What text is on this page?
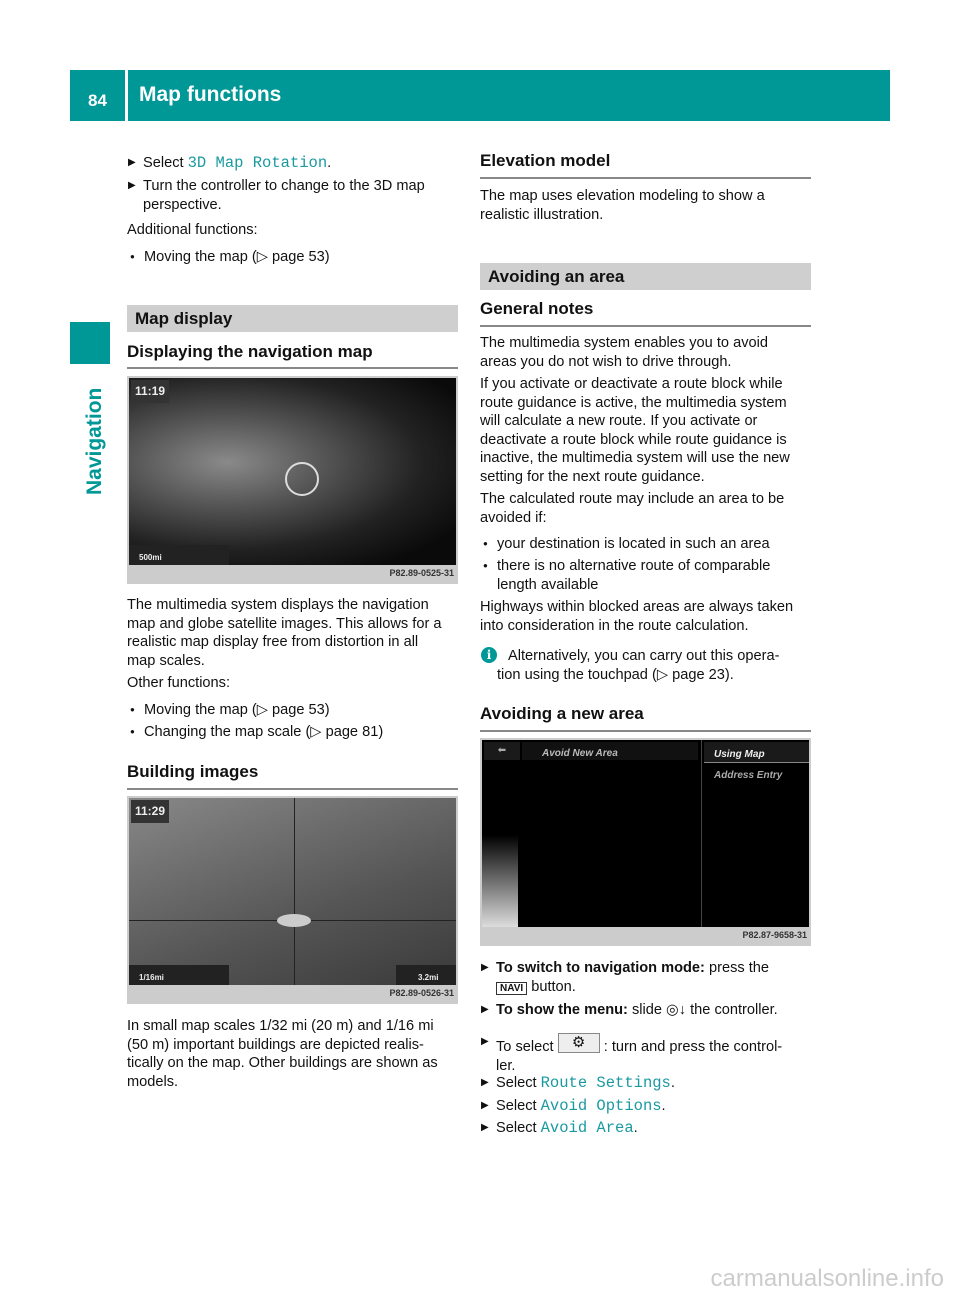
84 Map functions
Navigation
▶ Select 3D Map Rotation.
▶ Turn the controller to change to the 3D map
perspective.
Additional functions:
● Moving the map (▷ page 53)
Map display
Displaying the navigation map
11:19
500mi
P82.89-0525-31
The multimedia system displays the navigation
map and globe satellite images. This allows for a
realistic map display free from distortion in all
map scales.
Other functions:
● Moving the map (▷ page 53)
● Changing the map scale (▷ page 81)
Building images
11:29
1/16mi	3.2mi
P82.89-0526-31
In small map scales 1/32 mi (20 m) and 1/16 mi
(50 m) important buildings are depicted realis-
tically on the map. Other buildings are shown as
models.
Elevation model
The map uses elevation modeling to show a
realistic illustration.
Avoiding an area
General notes
The multimedia system enables you to avoid
areas you do not wish to drive through.
If you activate or deactivate a route block while
route guidance is active, the multimedia system
will calculate a new route. If you activate or
deactivate a route block while route guidance is
inactive, the multimedia system will use the new
setting for the next route guidance.
The calculated route may include an area to be
avoided if:
● your destination is located in such an area
● there is no alternative route of comparable
length available
Highways within blocked areas are always taken
into consideration in the route calculation.
i	Alternatively, you can carry out this opera-
tion using the touchpad (▷ page 23).
Avoiding a new area
⬅	Avoid New Area	Using Map
Address Entry
P82.87-9658-31
▶ To switch to navigation mode: press the
NAVI button.
▶ To show the menu: slide ◎↓ the controller.
▶ To select ⚙ : turn and press the control-
ler.
▶ Select Route Settings.
▶ Select Avoid Options.
▶ Select Avoid Area.
carmanualsonline.info
